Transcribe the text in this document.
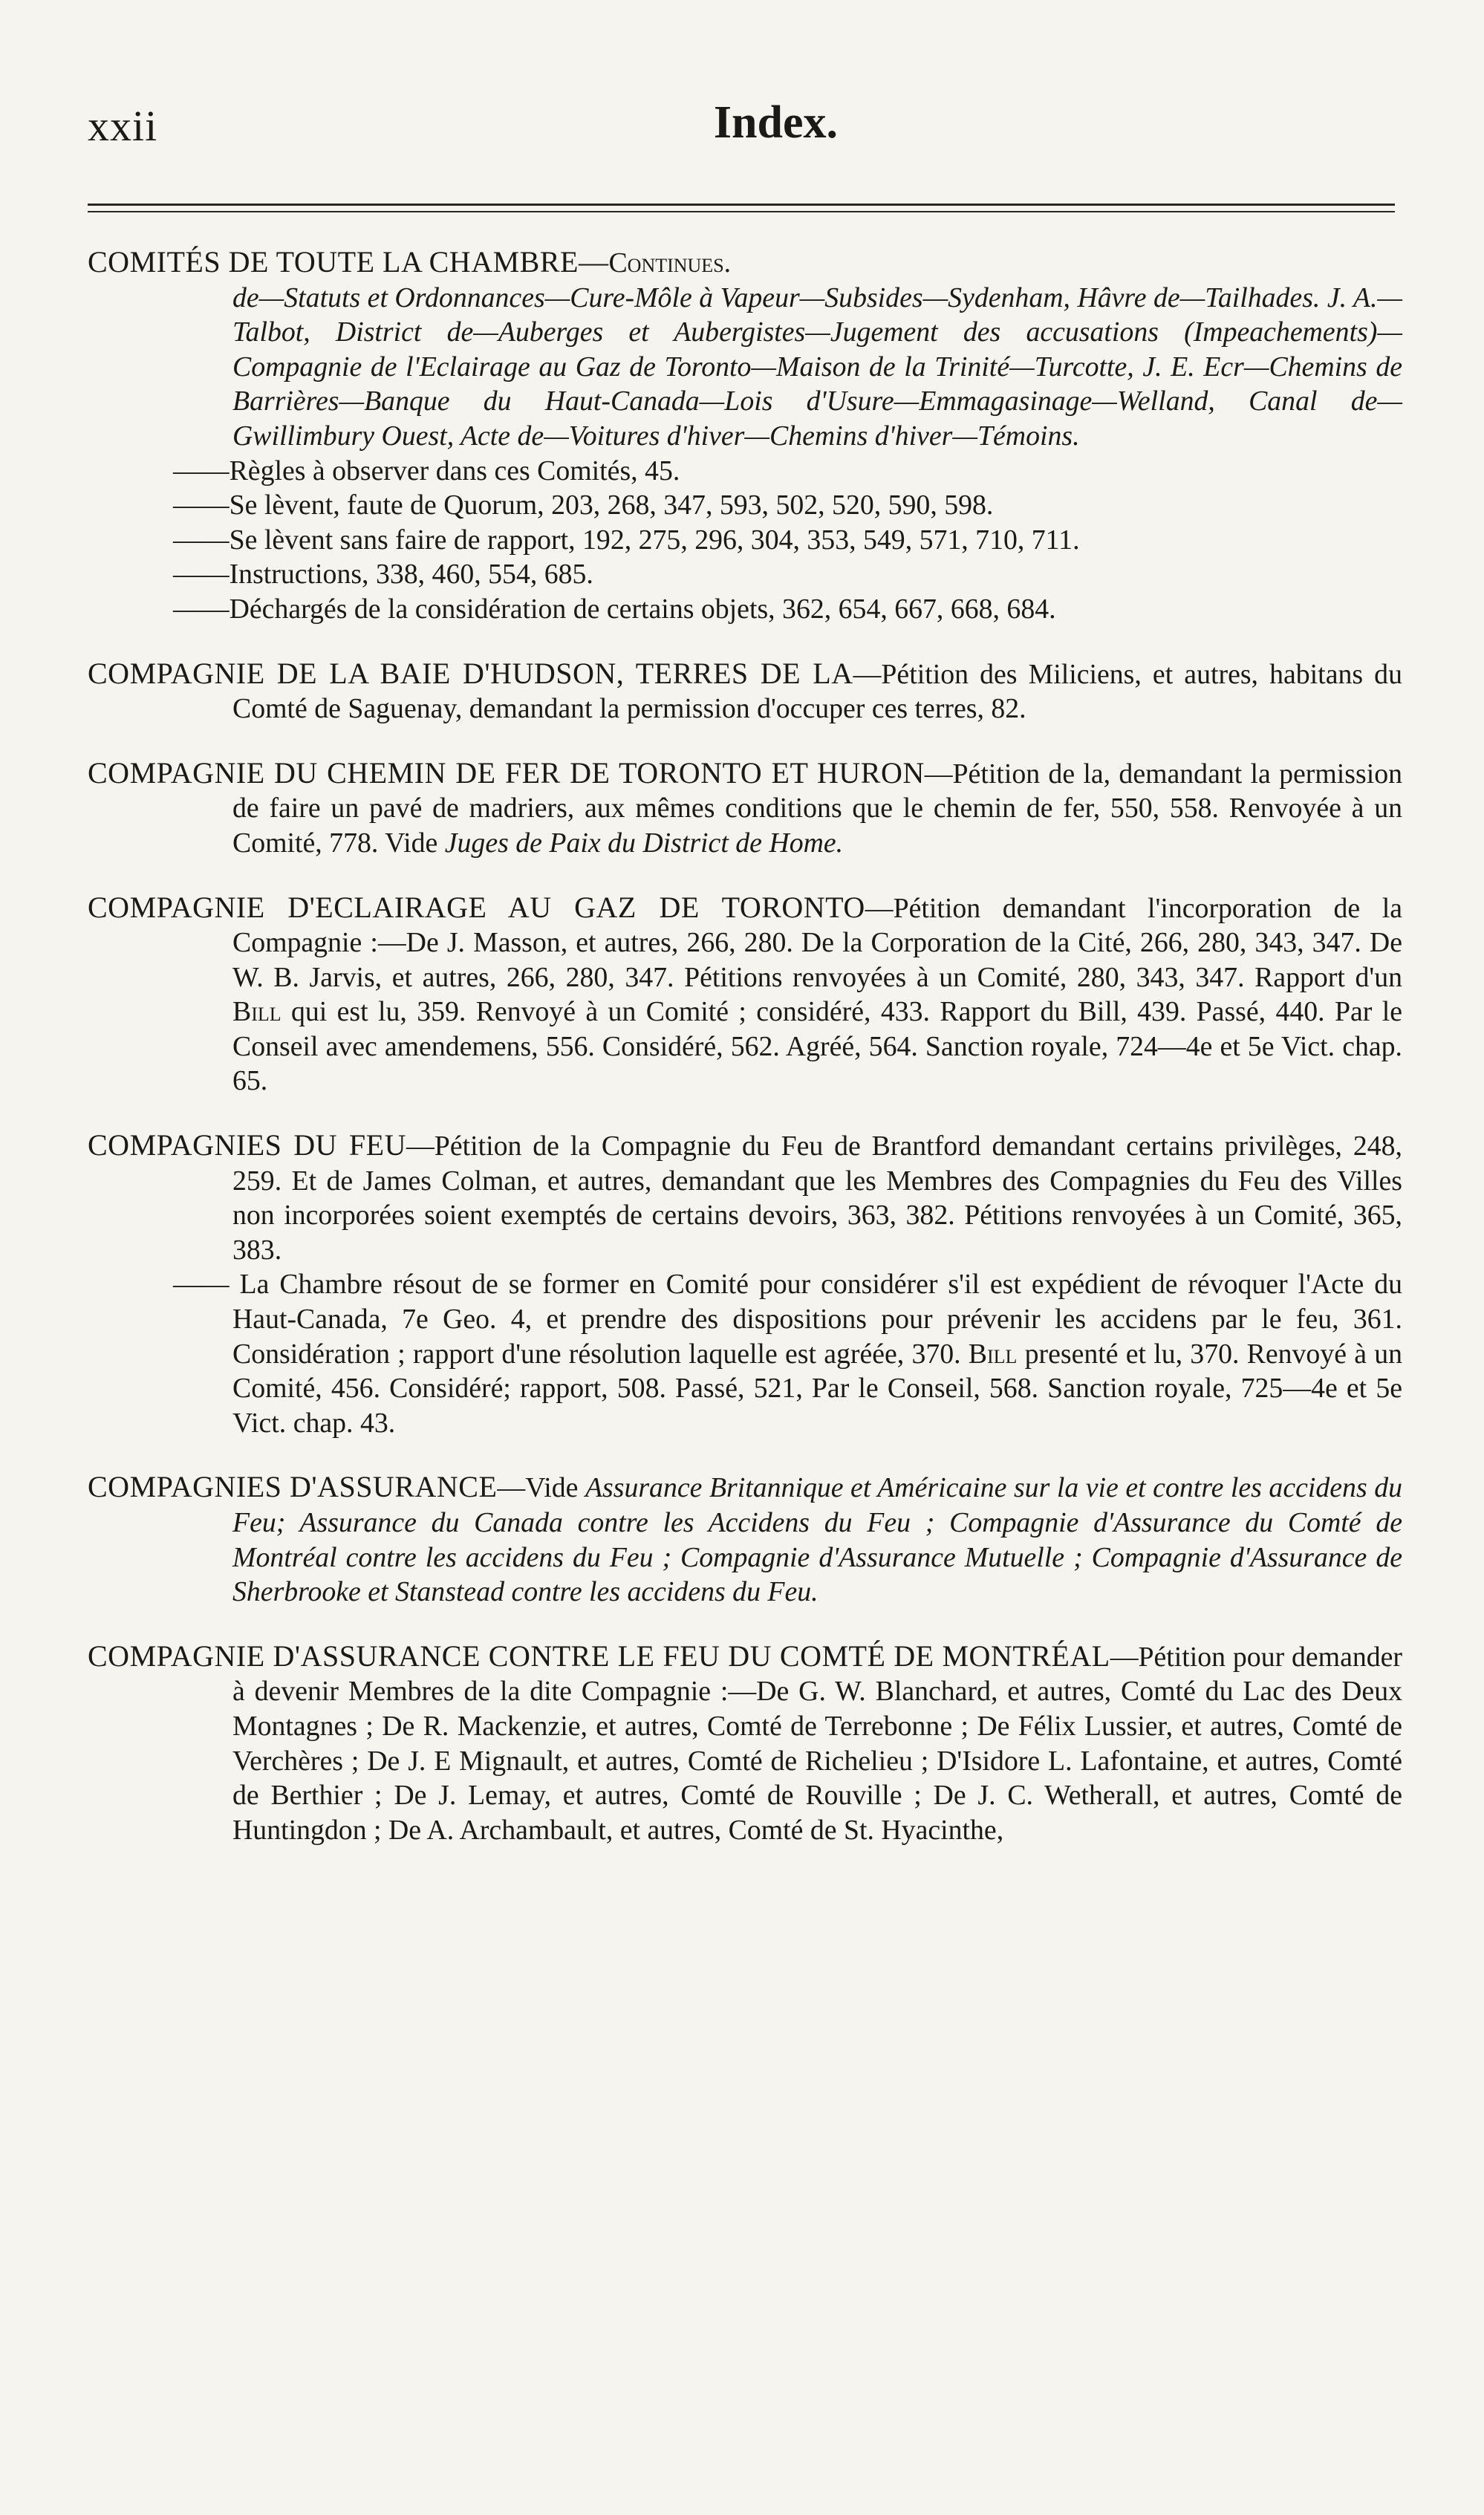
xxii	Index.

COMITÉS DE TOUTE LA CHAMBRE—Continues.

de—Statuts et Ordonnances—Cure-Môle à Vapeur—Subsides—Sydenham, Hâvre de—Tailhades. J. A.—Talbot, District de—Auberges et Aubergistes—Jugement des accusations (Impeachements)—Compagnie de l'Eclairage au Gaz de Toronto—Maison de la Trinité—Turcotte, J. E. Ecr—Chemins de Barrières—Banque du Haut-Canada—Lois d'Usure—Emmagasinage—Welland, Canal de—Gwillimbury Ouest, Acte de—Voitures d'hiver—Chemins d'hiver—Témoins.

——Règles à observer dans ces Comités, 45.

——Se lèvent, faute de Quorum, 203, 268, 347, 593, 502, 520, 590, 598.

——Se lèvent sans faire de rapport, 192, 275, 296, 304, 353, 549, 571, 710, 711.

——Instructions, 338, 460, 554, 685.

——Déchargés de la considération de certains objets, 362, 654, 667, 668, 684.

COMPAGNIE DE LA BAIE D'HUDSON, TERRES DE LA—Pétition des Miliciens, et autres, habitans du Comté de Saguenay, demandant la permission d'occuper ces terres, 82.
COMPAGNIE DU CHEMIN DE FER DE TORONTO ET HURON—Pétition de la, demandant la permission de faire un pavé de madriers, aux mêmes conditions que le chemin de fer, 550, 558. Renvoyée à un Comité, 778. Vide Juges de Paix du District de Home.
COMPAGNIE D'ECLAIRAGE AU GAZ DE TORONTO—Pétition demandant l'incorporation de la Compagnie :—De J. Masson, et autres, 266, 280. De la Corporation de la Cité, 266, 280, 343, 347. De W. B. Jarvis, et autres, 266, 280, 347. Pétitions renvoyées à un Comité, 280, 343, 347. Rapport d'un Bill qui est lu, 359. Renvoyé à un Comité ; considéré, 433. Rapport du Bill, 439. Passé, 440. Par le Conseil avec amendemens, 556. Considéré, 562. Agréé, 564. Sanction royale, 724—4e et 5e Vict. chap. 65.

COMPAGNIES DU FEU—Pétition de la Compagnie du Feu de Brantford demandant certains privilèges, 248, 259. Et de James Colman, et autres, demandant que les Membres des Compagnies du Feu des Villes non incorporées soient exemptés de certains devoirs, 363, 382. Pétitions renvoyées à un Comité, 365, 383.

—— La Chambre résout de se former en Comité pour considérer s'il est expédient de révoquer l'Acte du Haut-Canada, 7e Geo. 4, et prendre des dispositions pour prévenir les accidens par le feu, 361. Considération ; rapport d'une résolution laquelle est agréée, 370. Bill presenté et lu, 370. Renvoyé à un Comité, 456. Considéré; rapport, 508. Passé, 521, Par le Conseil, 568. Sanction royale, 725—4e et 5e Vict. chap. 43.

COMPAGNIES D'ASSURANCE—Vide Assurance Britannique et Américaine sur la vie et contre les accidens du Feu; Assurance du Canada contre les Accidens du Feu ; Compagnie d'Assurance du Comté de Montréal contre les accidens du Feu ; Compagnie d'Assurance Mutuelle ; Compagnie d'Assurance de Sherbrooke et Stanstead contre les accidens du Feu.
COMPAGNIE D'ASSURANCE CONTRE LE FEU DU COMTÉ DE MONTRÉAL—Pétition pour demander à devenir Membres de la dite Compagnie :—De G. W. Blanchard, et autres, Comté du Lac des Deux Montagnes ; De R. Mackenzie, et autres, Comté de Terrebonne ; De Félix Lussier, et autres, Comté de Verchères ; De J. E Mignault, et autres, Comté de Richelieu ; D'Isidore L. Lafontaine, et autres, Comté de Berthier ; De J. Lemay, et autres, Comté de Rouville ; De J. C. Wetherall, et autres, Comté de Huntingdon ; De A. Archambault, et autres, Comté de St. Hyacinthe,
